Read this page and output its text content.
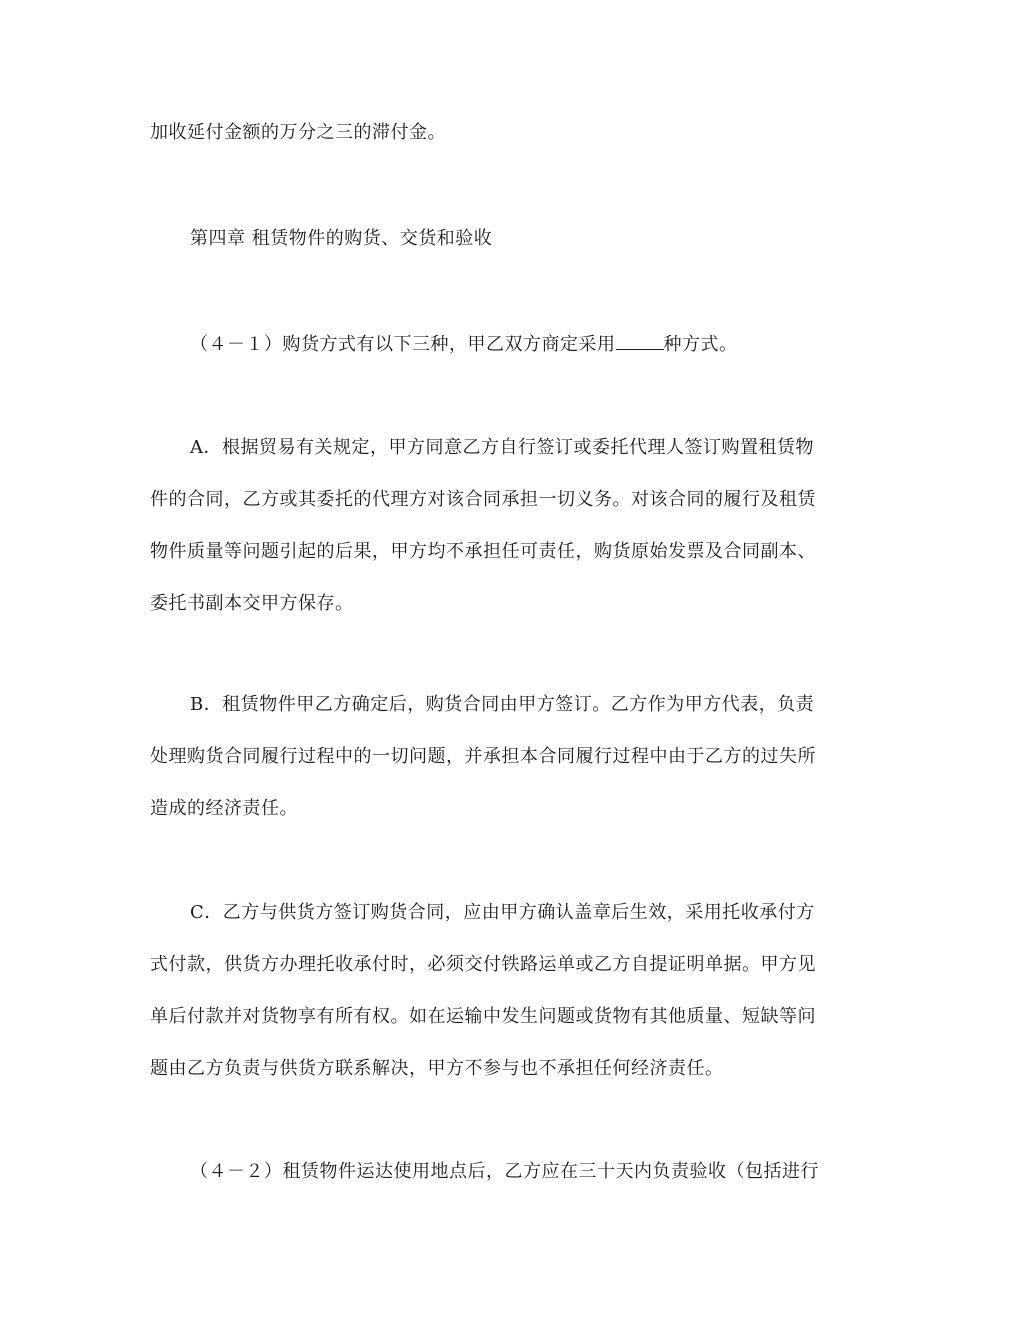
加收延付金额的万分之三的滞付金。
第四章 租赁物件的购货、交货和验收
（４－１）购货方式有以下三种，甲乙双方商定采用	种方式。
A．根据贸易有关规定，甲方同意乙方自行签订或委托代理人签订购置租赁物
件的合同，乙方或其委托的代理方对该合同承担一切义务。对该合同的履行及租赁
物件质量等问题引起的后果，甲方均不承担任可责任，购货原始发票及合同副本、
委托书副本交甲方保存。
B．租赁物件甲乙方确定后，购货合同由甲方签订。乙方作为甲方代表，负责
处理购货合同履行过程中的一切问题，并承担本合同履行过程中由于乙方的过失所
造成的经济责任。
C．乙方与供货方签订购货合同，应由甲方确认盖章后生效，采用托收承付方
式付款，供货方办理托收承付时，必须交付铁路运单或乙方自提证明单据。甲方见
单后付款并对货物享有所有权。如在运输中发生问题或货物有其他质量、短缺等问
题由乙方负责与供货方联系解决，甲方不参与也不承担任何经济责任。
（４－２）租赁物件运达使用地点后，乙方应在三十天内负责验收（包括进行
